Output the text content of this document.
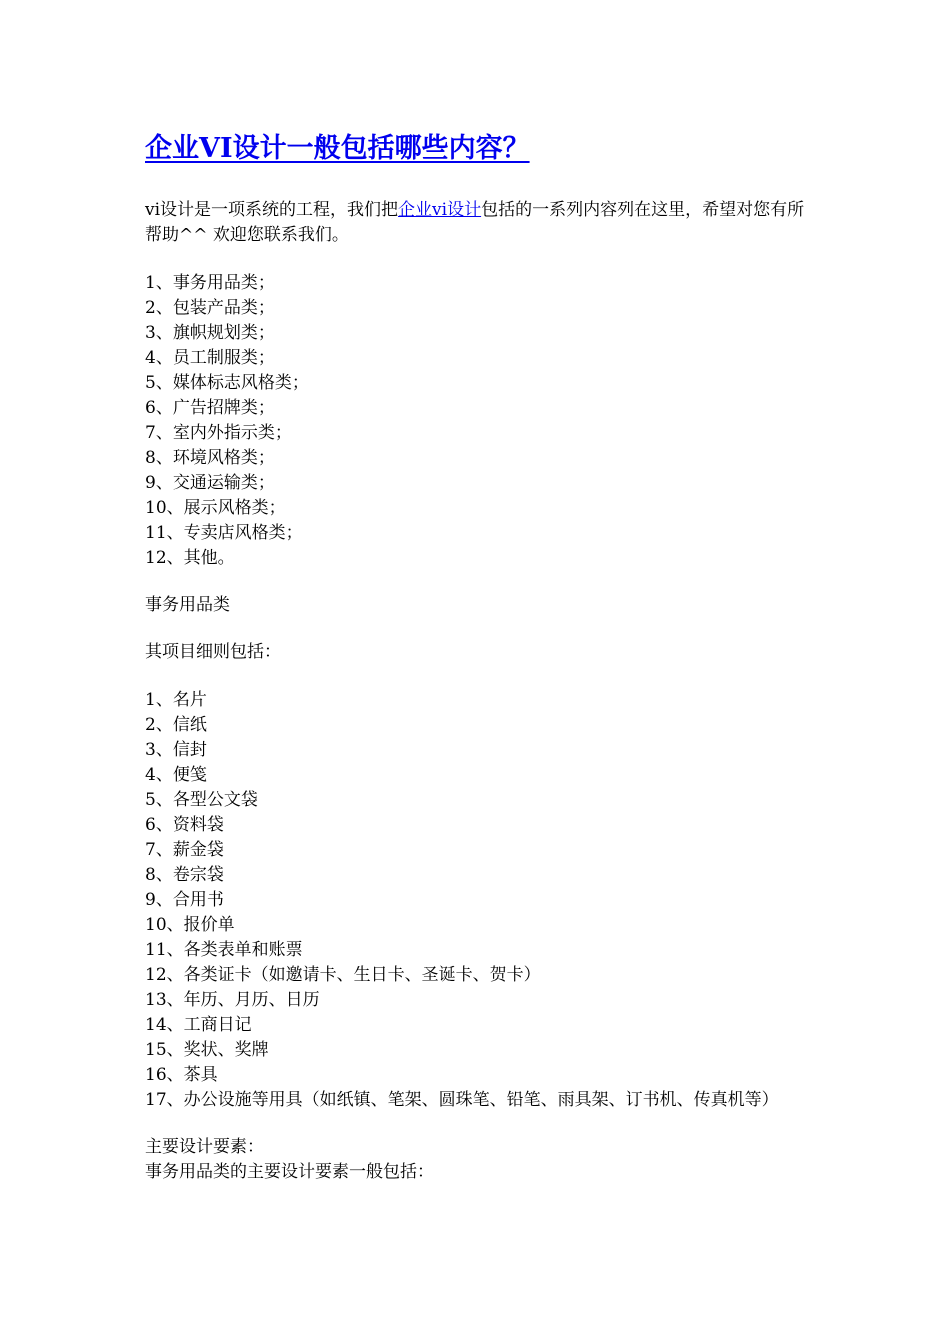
企业VI设计一般包括哪些内容？
vi设计是一项系统的工程，我们把企业vi设计包括的一系列内容列在这里，希望对您有所帮助^^ 欢迎您联系我们。
1、事务用品类；
2、包装产品类；
3、旗帜规划类；
4、员工制服类；
5、媒体标志风格类；
6、广告招牌类；
7、室内外指示类；
8、环境风格类；
9、交通运输类；
10、展示风格类；
11、专卖店风格类；
12、其他。
事务用品类
其项目细则包括：
1、名片
2、信纸
3、信封
4、便笺
5、各型公文袋
6、资料袋
7、薪金袋
8、卷宗袋
9、合用书
10、报价单
11、各类表单和账票
12、各类证卡（如邀请卡、生日卡、圣诞卡、贺卡）
13、年历、月历、日历
14、工商日记
15、奖状、奖牌
16、茶具
17、办公设施等用具（如纸镇、笔架、圆珠笔、铅笔、雨具架、订书机、传真机等）
主要设计要素：
事务用品类的主要设计要素一般包括：
